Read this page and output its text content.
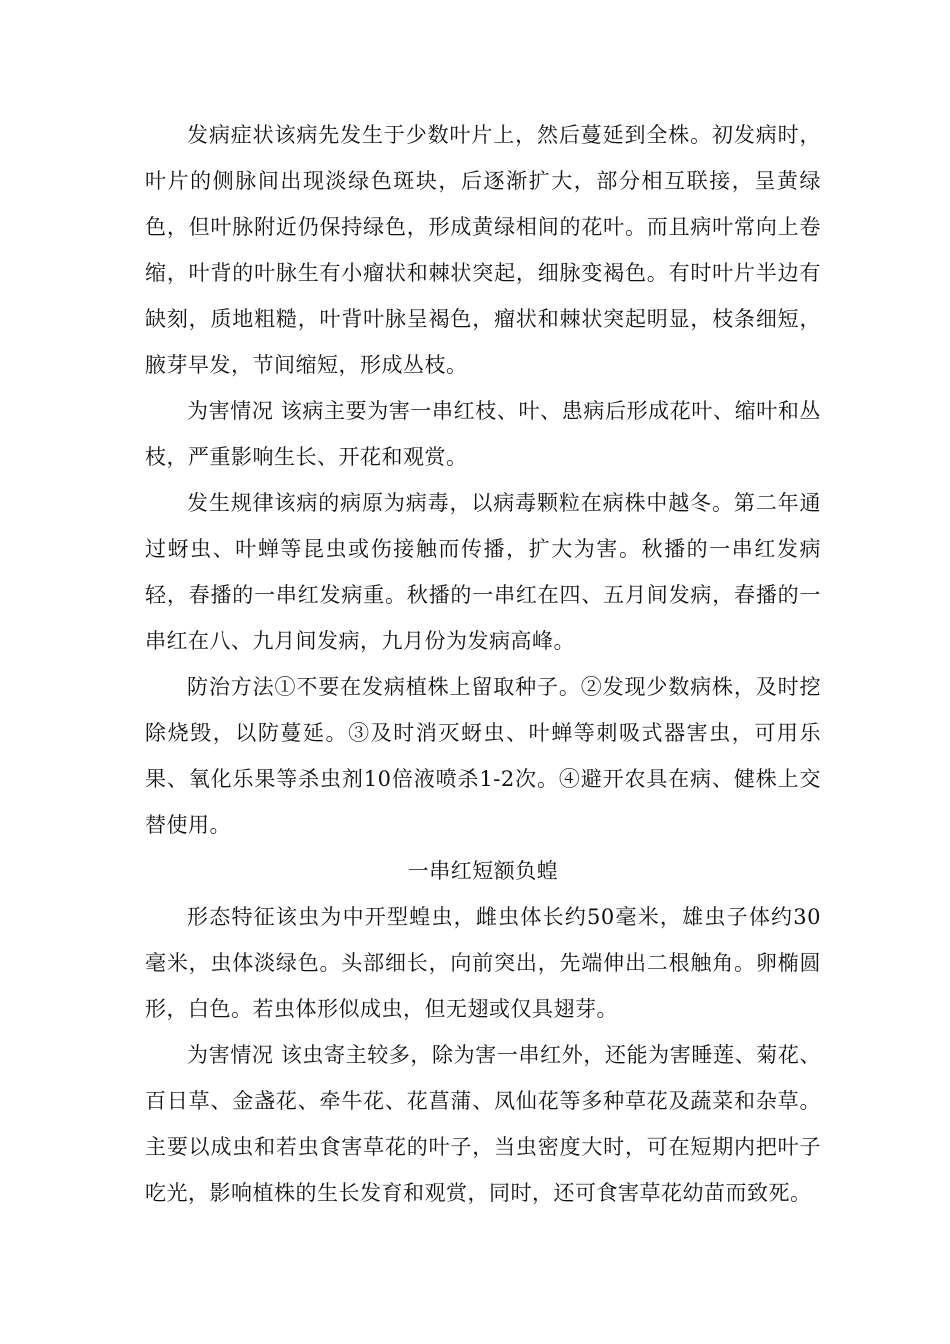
发病症状该病先发生于少数叶片上，然后蔓延到全株。初发病时，叶片的侧脉间出现淡绿色斑块，后逐渐扩大，部分相互联接，呈黄绿色，但叶脉附近仍保持绿色，形成黄绿相间的花叶。而且病叶常向上卷缩，叶背的叶脉生有小瘤状和棘状突起，细脉变褐色。有时叶片半边有缺刻，质地粗糙，叶背叶脉呈褐色，瘤状和棘状突起明显，枝条细短，腋芽早发，节间缩短，形成丛枝。

为害情况 该病主要为害一串红枝、叶、患病后形成花叶、缩叶和丛枝，严重影响生长、开花和观赏。

发生规律该病的病原为病毒，以病毒颗粒在病株中越冬。第二年通过蚜虫、叶蝉等昆虫或伤接触而传播，扩大为害。秋播的一串红发病轻，春播的一串红发病重。秋播的一串红在四、五月间发病，春播的一串红在八、九月间发病，九月份为发病高峰。

防治方法①不要在发病植株上留取种子。②发现少数病株，及时挖除烧毁，以防蔓延。③及时消灭蚜虫、叶蝉等刺吸式器害虫，可用乐果、氧化乐果等杀虫剂10倍液喷杀1-2次。④避开农具在病、健株上交替使用。

一串红短额负蝗

形态特征该虫为中开型蝗虫，雌虫体长约50毫米，雄虫子体约30毫米，虫体淡绿色。头部细长，向前突出，先端伸出二根触角。卵椭圆形，白色。若虫体形似成虫，但无翅或仅具翅芽。

为害情况 该虫寄主较多，除为害一串红外，还能为害睡莲、菊花、百日草、金盏花、牵牛花、花菖蒲、凤仙花等多种草花及蔬菜和杂草。主要以成虫和若虫食害草花的叶子，当虫密度大时，可在短期内把叶子吃光，影响植株的生长发育和观赏，同时，还可食害草花幼苗而致死。
